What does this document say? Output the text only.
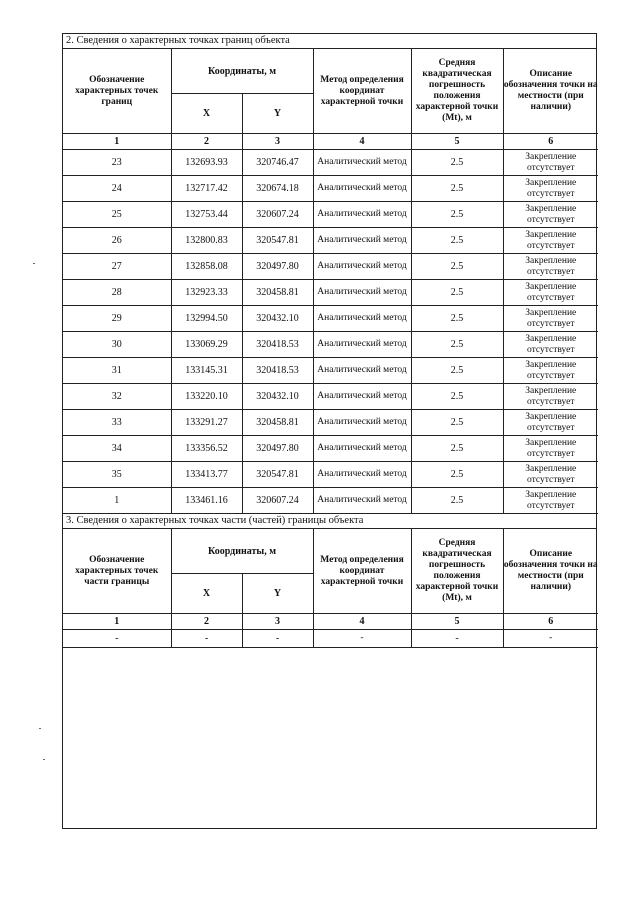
2. Сведения о характерных точках границ объекта
Обозначение характерных точек границ	Координаты, м		Метод определения координат характерной точки	Средняя квадратическая погрешность положения характерной точки (Mt), м	Описание обозначения точки на местности (при наличии)
	X	Y			
1	2	3	4	5	6
23	132693.93	320746.47	Аналитический метод	2.5	Закрепление отсутствует

24	132717.42	320674.18	Аналитический метод	2.5	Закрепление отсутствует

25	132753.44	320607.24	Аналитический метод	2.5	Закрепление отсутствует

26	132800.83	320547.81	Аналитический метод	2.5	Закрепление отсутствует

27	132858.08	320497.80	Аналитический метод	2.5	Закрепление отсутствует

28	132923.33	320458.81	Аналитический метод	2.5	Закрепление отсутствует

29	132994.50	320432.10	Аналитический метод	2.5	Закрепление отсутствует

30	133069.29	320418.53	Аналитический метод	2.5	Закрепление отсутствует

31	133145.31	320418.53	Аналитический метод	2.5	Закрепление отсутствует

32	133220.10	320432.10	Аналитический метод	2.5	Закрепление отсутствует

33	133291.27	320458.81	Аналитический метод	2.5	Закрепление отсутствует

34	133356.52	320497.80	Аналитический метод	2.5	Закрепление отсутствует

35	133413.77	320547.81	Аналитический метод	2.5	Закрепление отсутствует

1	133461.16	320607.24	Аналитический метод	2.5	Закрепление отсутствует
3. Сведения о характерных точках части (частей) границы объекта
Обозначение характерных точек части границы	Координаты, м		Метод определения координат характерной точки	Средняя квадратическая погрешность положения характерной точки (Mt), м	Описание обозначения точки на местности (при наличии)
	X	Y			
1	2	3	4	5	6
-	-	-	-	-	-
